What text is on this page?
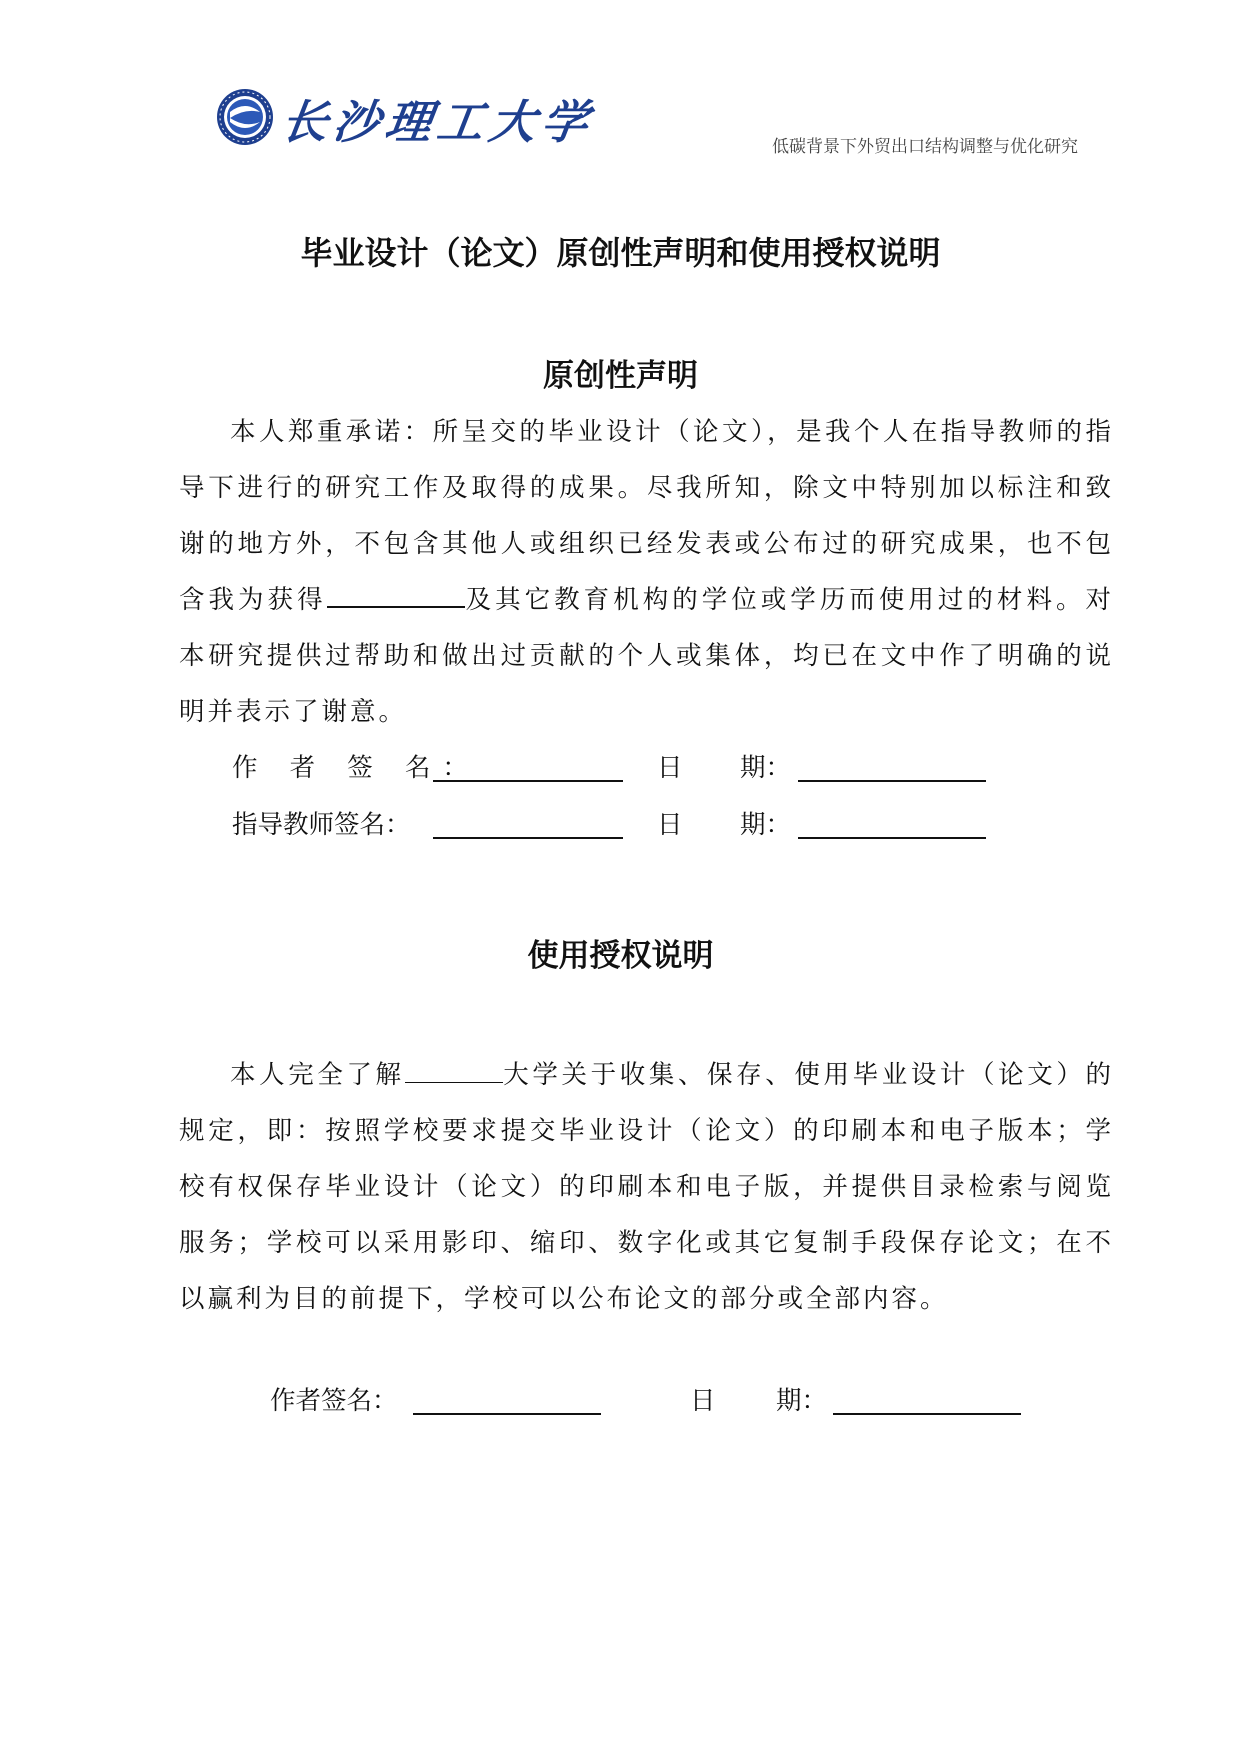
长沙理工大学	低碳背景下外贸出口结构调整与优化研究
毕业设计（论文）原创性声明和使用授权说明
原创性声明

本人郑重承诺：所呈交的毕业设计（论文），是我个人在指导教师的指导下进行的研究工作及取得的成果。尽我所知，除文中特别加以标注和致谢的地方外，不包含其他人或组织已经发表或公布过的研究成果，也不包含我为获得	及其它教育机构的学位或学历而使用过的材料。对本研究提供过帮助和做出过贡献的个人或集体，均已在文中作了明确的说明并表示了谢意。

作 者 签 名：	日 期：
指导教师签名：	日 期：
使用授权说明

本人完全了解	大学关于收集、保存、使用毕业设计（论文）的规定，即：按照学校要求提交毕业设计（论文）的印刷本和电子版本；学校有权保存毕业设计（论文）的印刷本和电子版，并提供目录检索与阅览服务；学校可以采用影印、缩印、数字化或其它复制手段保存论文；在不以赢利为目的前提下，学校可以公布论文的部分或全部内容。

作者签名：	日 期：
